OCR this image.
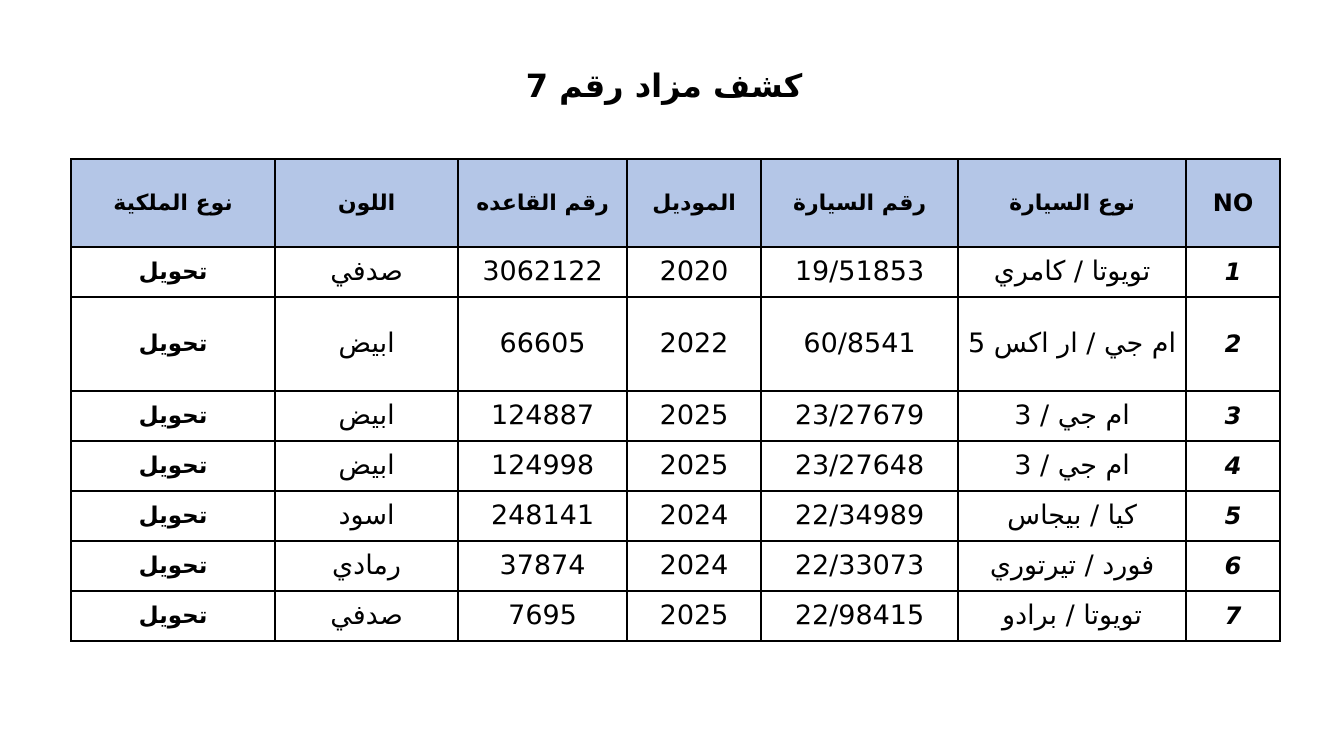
كشف مزاد رقم 7
NO	نوع السيارة	رقم السيارة	الموديل	رقم القاعده	اللون	نوع الملكية
1	تويوتا / كامري	19/51853	2020	3062122	صدفي	تحويل
2	ام جي / ار اكس 5	60/8541	2022	66605	ابيض	تحويل
3	ام جي / 3	23/27679	2025	124887	ابيض	تحويل
4	ام جي / 3	23/27648	2025	124998	ابيض	تحويل
5	كيا / بيجاس	22/34989	2024	248141	اسود	تحويل
6	فورد / تيرتوري	22/33073	2024	37874	رمادي	تحويل
7	تويوتا / برادو	22/98415	2025	7695	صدفي	تحويل
